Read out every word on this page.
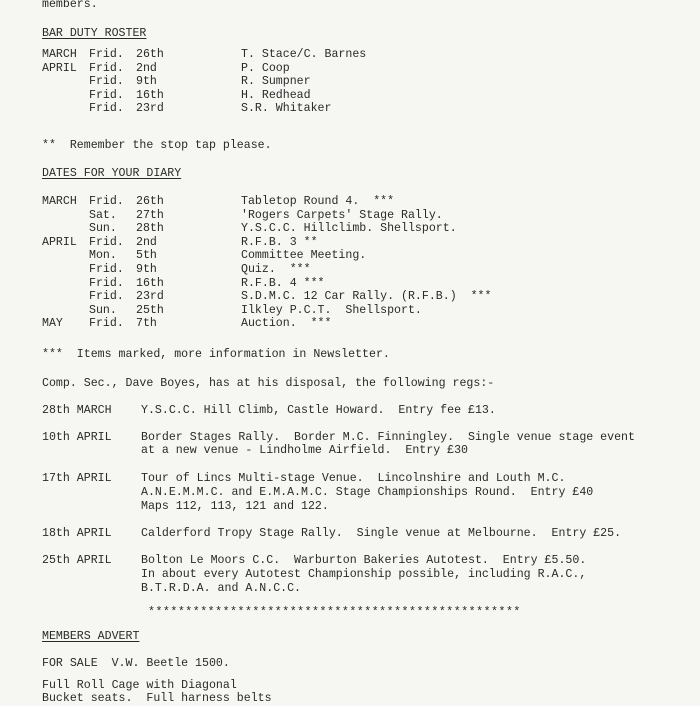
members.
BAR DUTY ROSTER
MARCH Frid. 26th	T. Stace/C. Barnes
APRIL Frid. 2nd	P. Coop
Frid. 9th	R. Sumpner
Frid. 16th	H. Redhead
Frid. 23rd	S.R. Whitaker
**  Remember the stop tap please.
DATES FOR YOUR DIARY
MARCH Frid. 26th	Tabletop Round 4.  ***
Sat. 27th	'Rogers Carpets' Stage Rally.
Sun. 28th	Y.S.C.C. Hillclimb. Shellsport.
APRIL Frid. 2nd	R.F.B. 3 **
Mon. 5th	Committee Meeting.
Frid. 9th	Quiz.  ***
Frid. 16th	R.F.B. 4 ***
Frid. 23rd	S.D.M.C. 12 Car Rally. (R.F.B.)  ***
Sun. 25th	Ilkley P.C.T.  Shellsport.
MAY Frid. 7th	Auction.  ***
***  Items marked, more information in Newsletter.
Comp. Sec., Dave Boyes, has at his disposal, the following regs:-
28th MARCH	Y.S.C.C. Hill Climb, Castle Howard.  Entry fee £13.
10th APRIL	Border Stages Rally.  Border M.C. Finningley.  Single venue stage event
at a new venue - Lindholme Airfield.  Entry £30
17th APRIL	Tour of Lincs Multi-stage Venue.  Lincolnshire and Louth M.C.
A.N.E.M.M.C. and E.M.A.M.C. Stage Championships Round.  Entry £40
Maps 112, 113, 121 and 122.
18th APRIL	Calderford Tropy Stage Rally.  Single venue at Melbourne.  Entry £25.
25th APRIL	Bolton Le Moors C.C.  Warburton Bakeries Autotest.  Entry £5.50.
In about every Autotest Championship possible, including R.A.C.,
B.T.R.D.A. and A.N.C.C.
**************************************************
MEMBERS ADVERT
FOR SALE  V.W. Beetle 1500.
Full Roll Cage with Diagonal
Bucket seats.  Full harness belts
